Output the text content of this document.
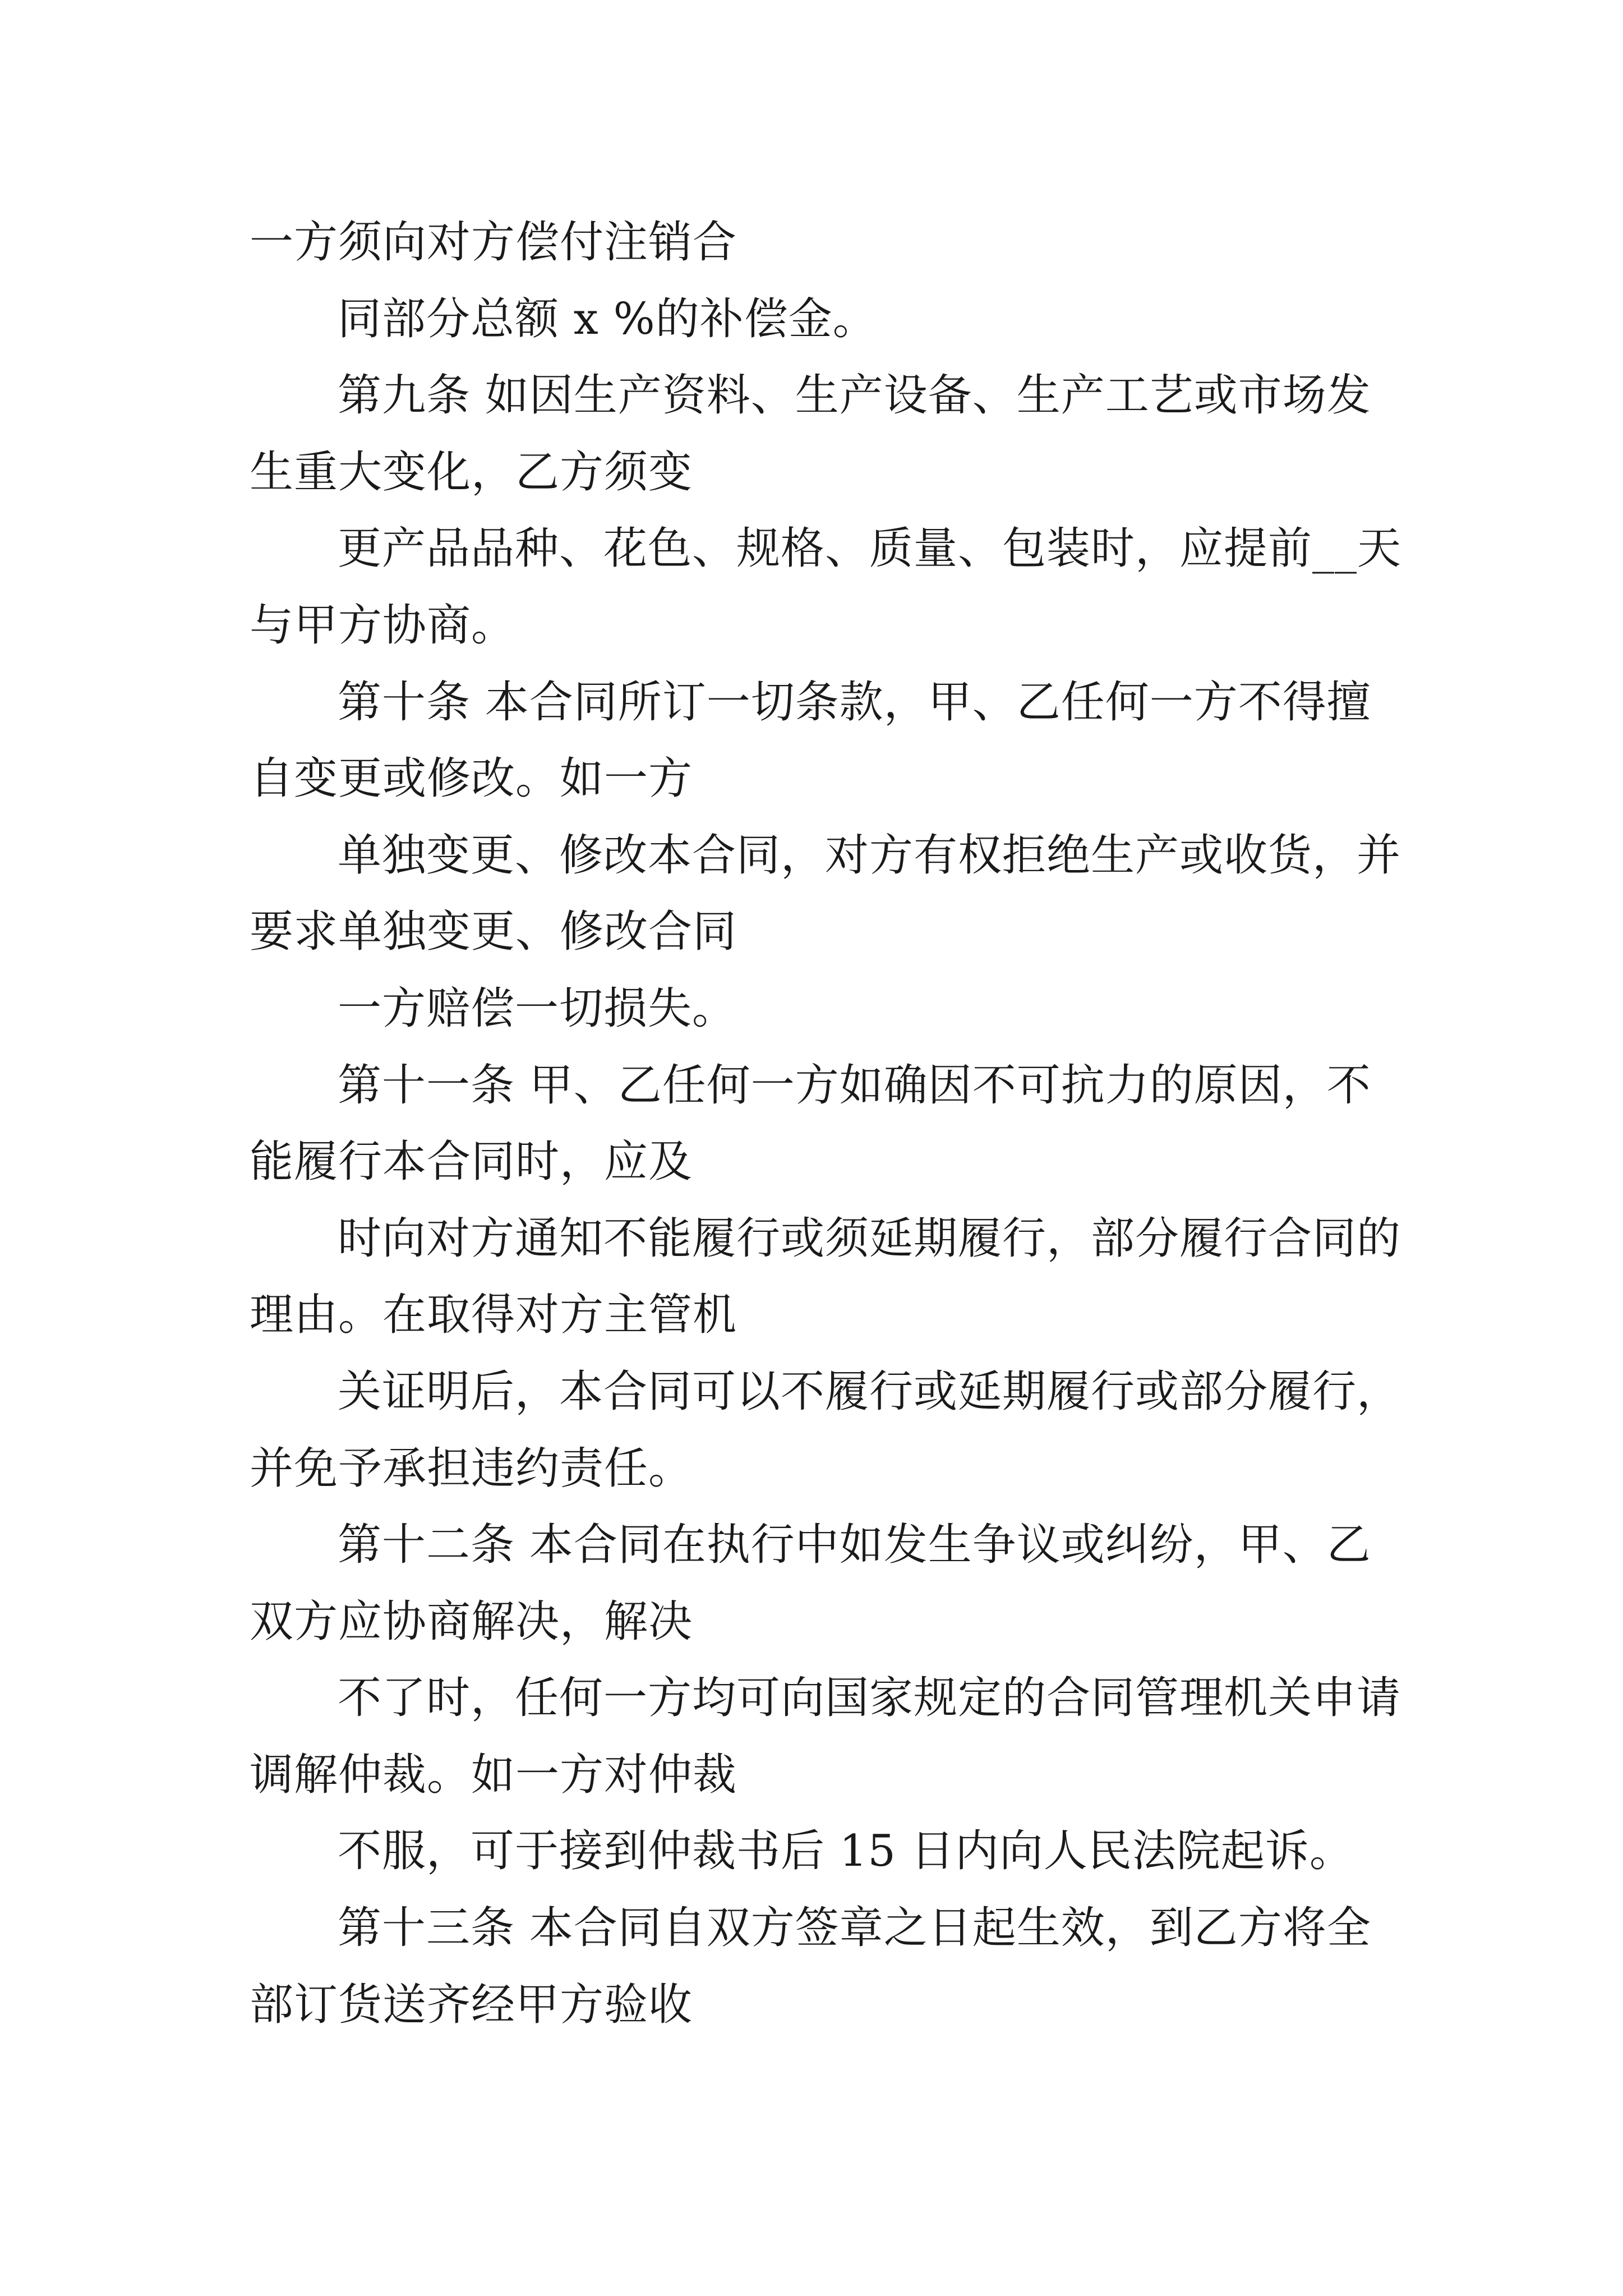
一方须向对方偿付注销合
同部分总额 x %的补偿金。
第九条 如因生产资料、生产设备、生产工艺或市场发
生重大变化，乙方须变
更产品品种、花色、规格、质量、包装时，应提前__天
与甲方协商。
第十条 本合同所订一切条款，甲、乙任何一方不得擅
自变更或修改。如一方
单独变更、修改本合同，对方有权拒绝生产或收货，并
要求单独变更、修改合同
一方赔偿一切损失。
第十一条 甲、乙任何一方如确因不可抗力的原因，不
能履行本合同时，应及
时向对方通知不能履行或须延期履行，部分履行合同的
理由。在取得对方主管机
关证明后，本合同可以不履行或延期履行或部分履行，
并免予承担违约责任。
第十二条 本合同在执行中如发生争议或纠纷，甲、乙
双方应协商解决，解决
不了时，任何一方均可向国家规定的合同管理机关申请
调解仲裁。如一方对仲裁
不服，可于接到仲裁书后 15 日内向人民法院起诉。
第十三条 本合同自双方签章之日起生效，到乙方将全
部订货送齐经甲方验收
